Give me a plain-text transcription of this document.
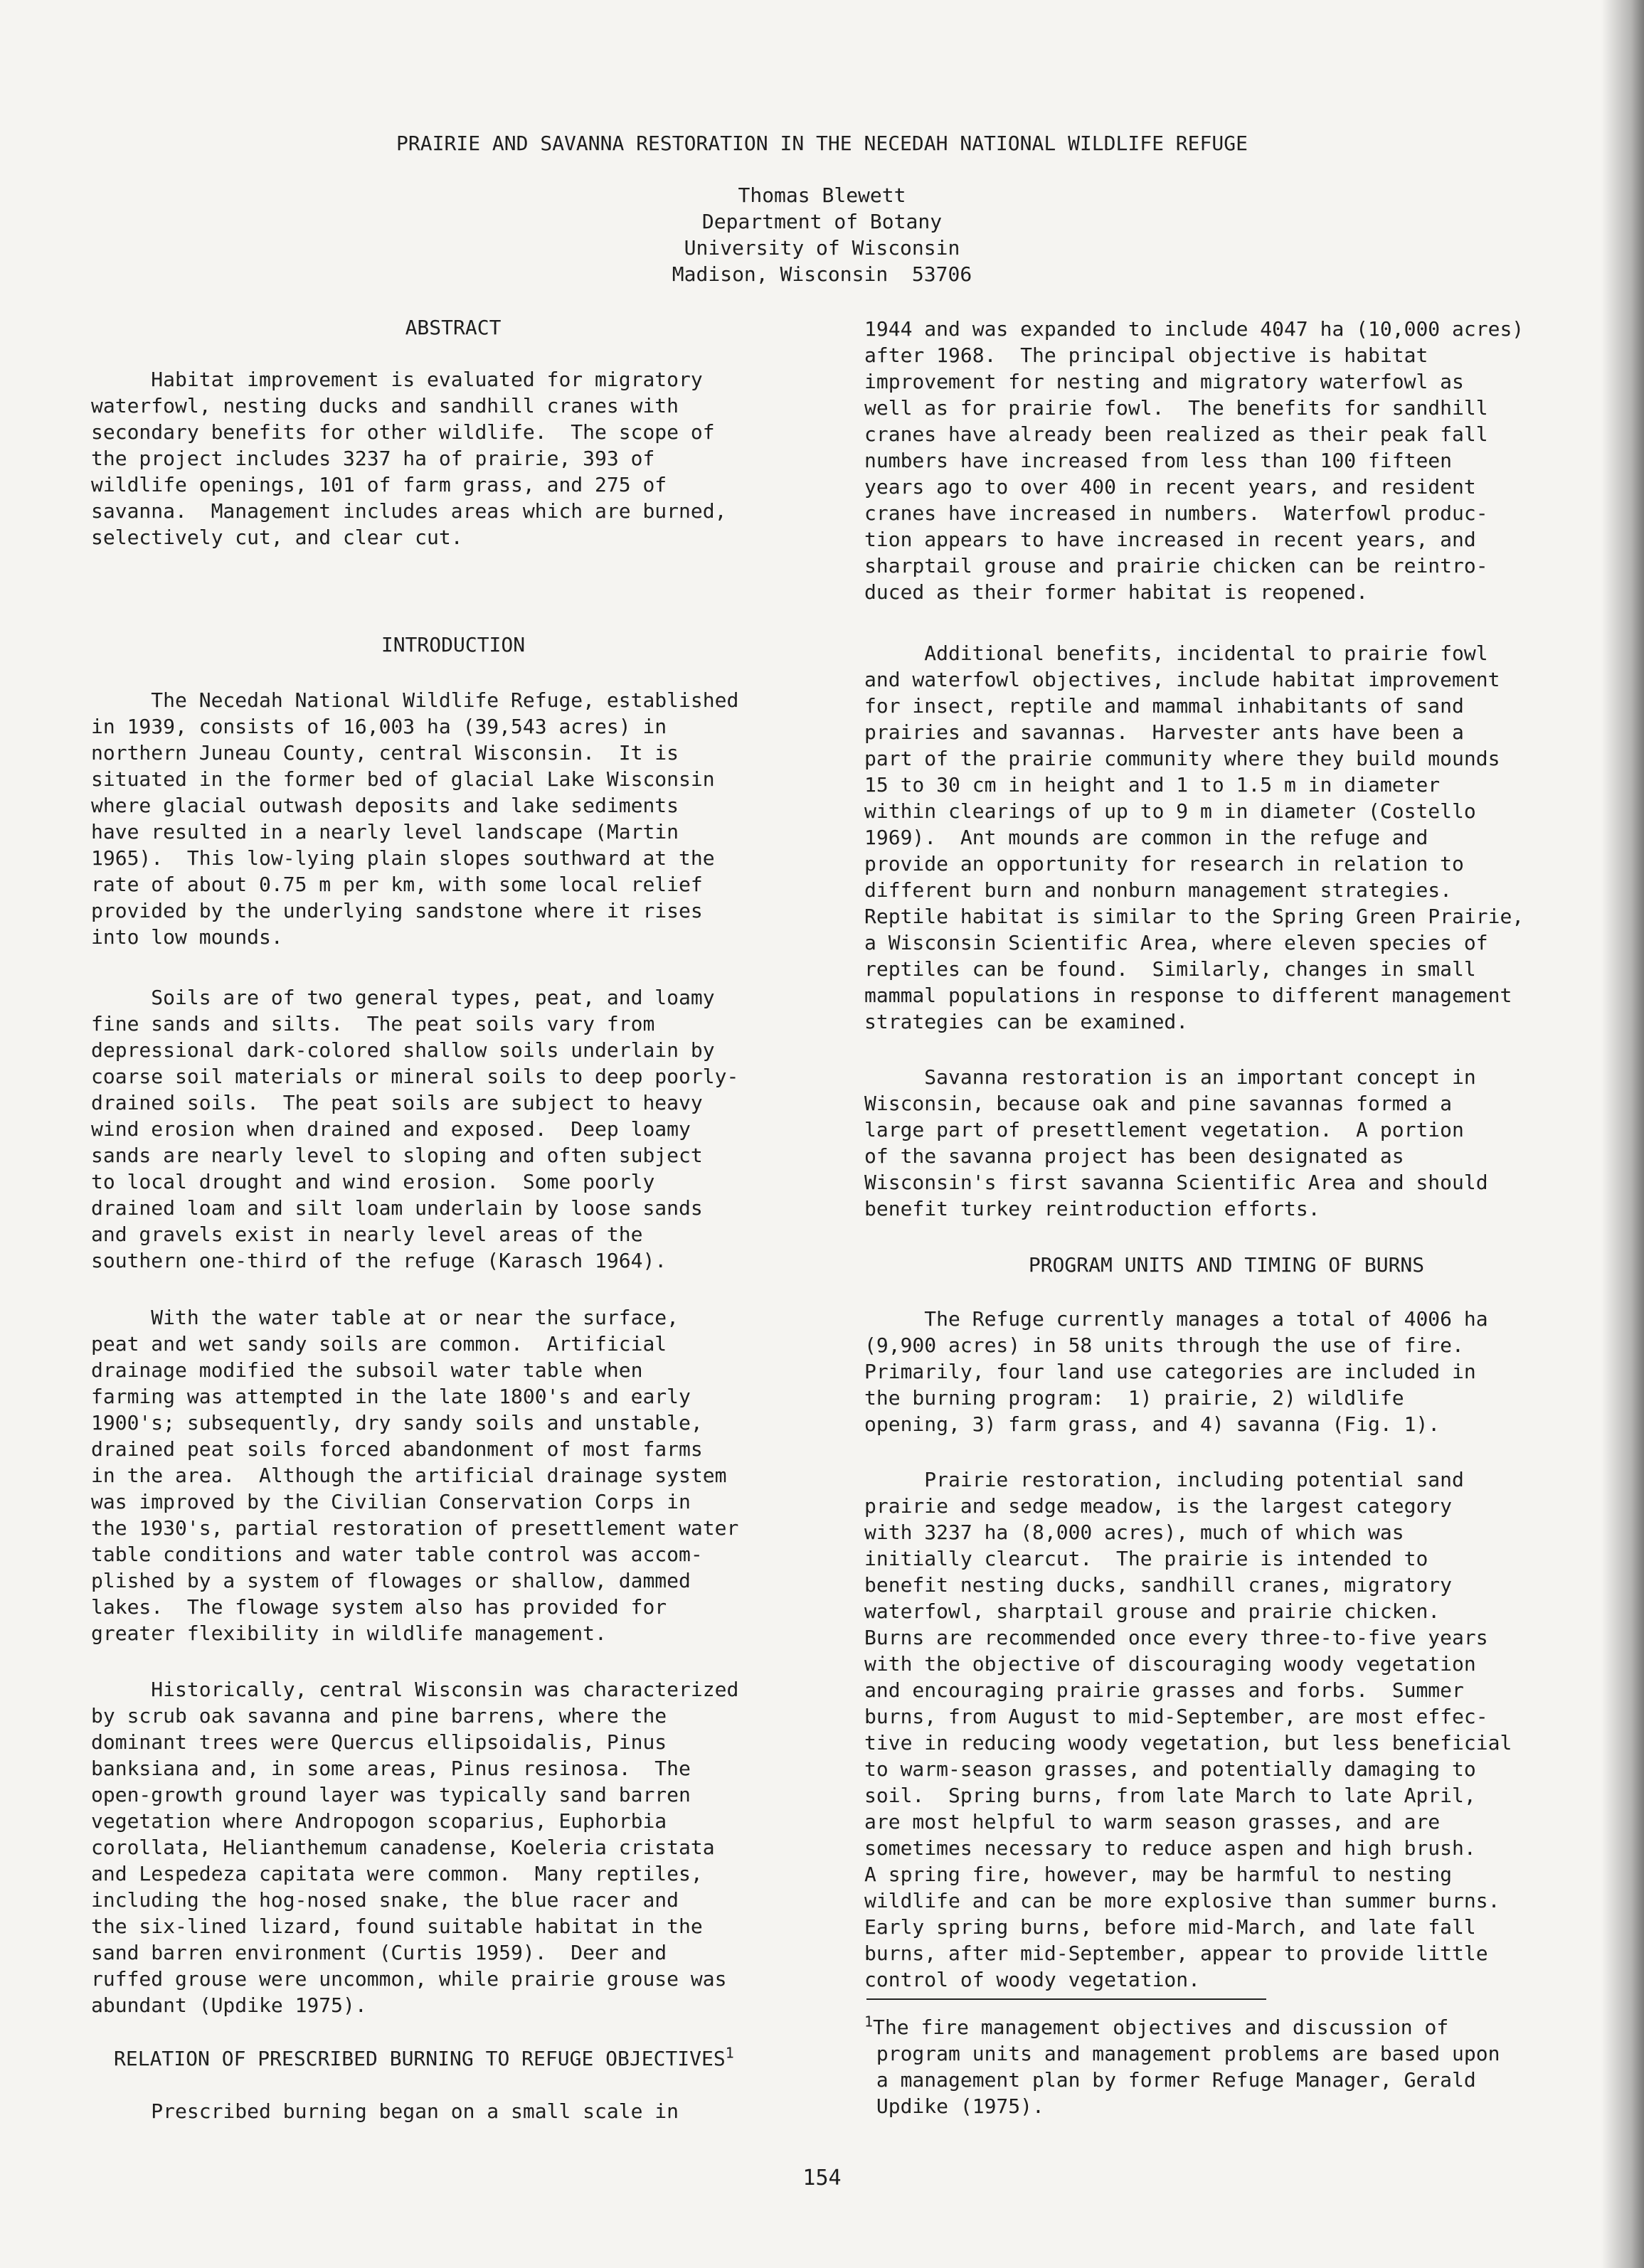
PRAIRIE AND SAVANNA RESTORATION IN THE NECEDAH NATIONAL WILDLIFE REFUGE

Thomas Blewett

Department of Botany

University of Wisconsin

Madison, Wisconsin  53706

ABSTRACT

Habitat improvement is evaluated for migratory
waterfowl, nesting ducks and sandhill cranes with
secondary benefits for other wildlife.  The scope of
the project includes 3237 ha of prairie, 393 of
wildlife openings, 101 of farm grass, and 275 of
savanna.  Management includes areas which are burned,
selectively cut, and clear cut.

INTRODUCTION

The Necedah National Wildlife Refuge, established
in 1939, consists of 16,003 ha (39,543 acres) in
northern Juneau County, central Wisconsin.  It is
situated in the former bed of glacial Lake Wisconsin
where glacial outwash deposits and lake sediments
have resulted in a nearly level landscape (Martin
1965).  This low-lying plain slopes southward at the
rate of about 0.75 m per km, with some local relief
provided by the underlying sandstone where it rises
into low mounds.

Soils are of two general types, peat, and loamy
fine sands and silts.  The peat soils vary from
depressional dark-colored shallow soils underlain by
coarse soil materials or mineral soils to deep poorly-
drained soils.  The peat soils are subject to heavy
wind erosion when drained and exposed.  Deep loamy
sands are nearly level to sloping and often subject
to local drought and wind erosion.  Some poorly
drained loam and silt loam underlain by loose sands
and gravels exist in nearly level areas of the
southern one-third of the refuge (Karasch 1964).

With the water table at or near the surface,
peat and wet sandy soils are common.  Artificial
drainage modified the subsoil water table when
farming was attempted in the late 1800's and early
1900's; subsequently, dry sandy soils and unstable,
drained peat soils forced abandonment of most farms
in the area.  Although the artificial drainage system
was improved by the Civilian Conservation Corps in
the 1930's, partial restoration of presettlement water
table conditions and water table control was accom-
plished by a system of flowages or shallow, dammed
lakes.  The flowage system also has provided for
greater flexibility in wildlife management.

Historically, central Wisconsin was characterized
by scrub oak savanna and pine barrens, where the
dominant trees were Quercus ellipsoidalis, Pinus
banksiana and, in some areas, Pinus resinosa.  The
open-growth ground layer was typically sand barren
vegetation where Andropogon scoparius, Euphorbia
corollata, Helianthemum canadense, Koeleria cristata
and Lespedeza capitata were common.  Many reptiles,
including the hog-nosed snake, the blue racer and
the six-lined lizard, found suitable habitat in the
sand barren environment (Curtis 1959).  Deer and
ruffed grouse were uncommon, while prairie grouse was
abundant (Updike 1975).

RELATION OF PRESCRIBED BURNING TO REFUGE OBJECTIVES$^1$

Prescribed burning began on a small scale in

1944 and was expanded to include 4047 ha (10,000 acres)
after 1968.  The principal objective is habitat
improvement for nesting and migratory waterfowl as
well as for prairie fowl.  The benefits for sandhill
cranes have already been realized as their peak fall
numbers have increased from less than 100 fifteen
years ago to over 400 in recent years, and resident
cranes have increased in numbers.  Waterfowl produc-
tion appears to have increased in recent years, and
sharptail grouse and prairie chicken can be reintro-
duced as their former habitat is reopened.

Additional benefits, incidental to prairie fowl
and waterfowl objectives, include habitat improvement
for insect, reptile and mammal inhabitants of sand
prairies and savannas.  Harvester ants have been a
part of the prairie community where they build mounds
15 to 30 cm in height and 1 to 1.5 m in diameter
within clearings of up to 9 m in diameter (Costello
1969).  Ant mounds are common in the refuge and
provide an opportunity for research in relation to
different burn and nonburn management strategies.
Reptile habitat is similar to the Spring Green Prairie,
a Wisconsin Scientific Area, where eleven species of
reptiles can be found.  Similarly, changes in small
mammal populations in response to different management
strategies can be examined.

Savanna restoration is an important concept in
Wisconsin, because oak and pine savannas formed a
large part of presettlement vegetation.  A portion
of the savanna project has been designated as
Wisconsin's first savanna Scientific Area and should
benefit turkey reintroduction efforts.

PROGRAM UNITS AND TIMING OF BURNS

The Refuge currently manages a total of 4006 ha
(9,900 acres) in 58 units through the use of fire.
Primarily, four land use categories are included in
the burning program:  1) prairie, 2) wildlife
opening, 3) farm grass, and 4) savanna (Fig. 1).

Prairie restoration, including potential sand
prairie and sedge meadow, is the largest category
with 3237 ha (8,000 acres), much of which was
initially clearcut.  The prairie is intended to
benefit nesting ducks, sandhill cranes, migratory
waterfowl, sharptail grouse and prairie chicken.
Burns are recommended once every three-to-five years
with the objective of discouraging woody vegetation
and encouraging prairie grasses and forbs.  Summer
burns, from August to mid-September, are most effec-
tive in reducing woody vegetation, but less beneficial
to warm-season grasses, and potentially damaging to
soil.  Spring burns, from late March to late April,
are most helpful to warm season grasses, and are
sometimes necessary to reduce aspen and high brush.
A spring fire, however, may be harmful to nesting
wildlife and can be more explosive than summer burns.
Early spring burns, before mid-March, and late fall
burns, after mid-September, appear to provide little
control of woody vegetation.

$^1$The fire management objectives and discussion of
program units and management problems are based upon
a management plan by former Refuge Manager, Gerald
Updike (1975).

154
